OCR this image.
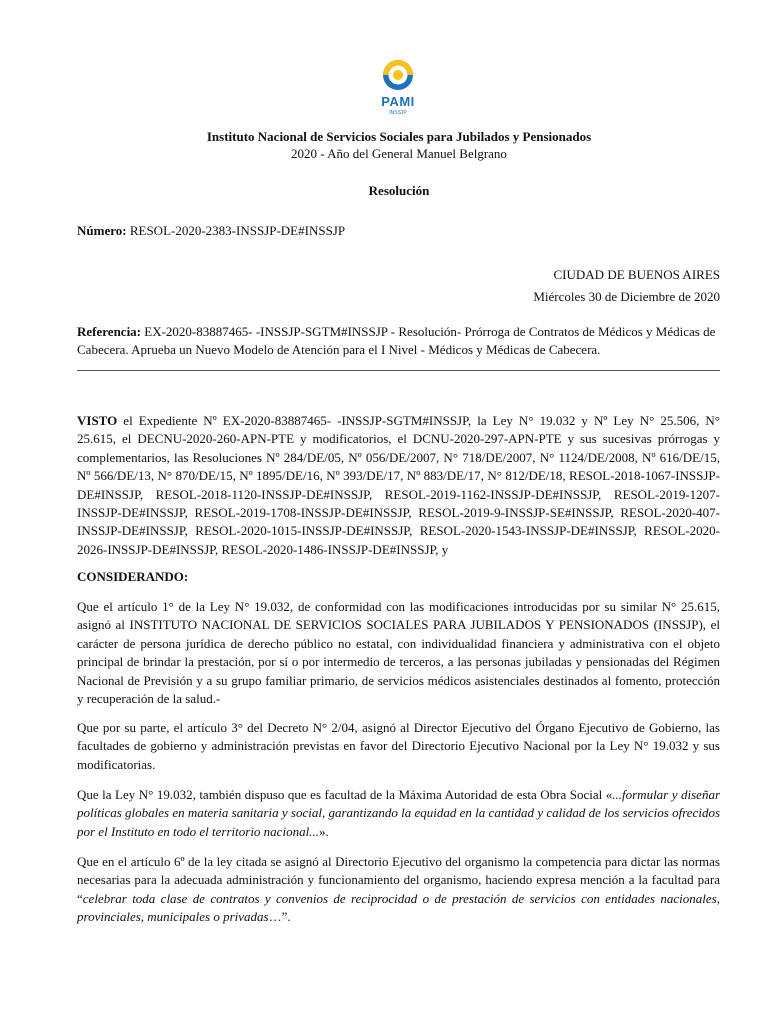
PAMI
INSSJP
Instituto Nacional de Servicios Sociales para Jubilados y Pensionados
2020 - Año del General Manuel Belgrano
Resolución
Número: RESOL-2020-2383-INSSJP-DE#INSSJP
CIUDAD DE BUENOS AIRES
Miércoles 30 de Diciembre de 2020
Referencia: EX-2020-83887465- -INSSJP-SGTM#INSSJP - Resolución- Prórroga de Contratos de Médicos y Médicas de Cabecera. Aprueba un Nuevo Modelo de Atención para el I Nivel - Médicos y Médicas de Cabecera.
VISTO el Expediente Nº EX-2020-83887465- -INSSJP-SGTM#INSSJP, la Ley N° 19.032 y Nº Ley N° 25.506, N° 25.615, el DECNU-2020-260-APN-PTE y modificatorios, el DCNU-2020-297-APN-PTE y sus sucesivas prórrogas y complementarios, las Resoluciones Nº 284/DE/05, Nº 056/DE/2007, N° 718/DE/2007, N° 1124/DE/2008, Nº 616/DE/15, Nº 566/DE/13, N° 870/DE/15, Nº 1895/DE/16, Nº 393/DE/17, Nº 883/DE/17, N° 812/DE/18, RESOL-2018-1067-INSSJP-DE#INSSJP, RESOL-2018-1120-INSSJP-DE#INSSJP, RESOL-2019-1162-INSSJP-DE#INSSJP, RESOL-2019-1207-INSSJP-DE#INSSJP, RESOL-2019-1708-INSSJP-DE#INSSJP, RESOL-2019-9-INSSJP-SE#INSSJP, RESOL-2020-407-INSSJP-DE#INSSJP, RESOL-2020-1015-INSSJP-DE#INSSJP, RESOL-2020-1543-INSSJP-DE#INSSJP, RESOL-2020-2026-INSSJP-DE#INSSJP, RESOL-2020-1486-INSSJP-DE#INSSJP, y
CONSIDERANDO:
Que el artículo 1° de la Ley N° 19.032, de conformidad con las modificaciones introducidas por su similar N° 25.615, asignó al INSTITUTO NACIONAL DE SERVICIOS SOCIALES PARA JUBILADOS Y PENSIONADOS (INSSJP), el carácter de persona jurídica de derecho público no estatal, con individualidad financiera y administrativa con el objeto principal de brindar la prestación, por sí o por intermedio de terceros, a las personas jubiladas y pensionadas del Régimen Nacional de Previsión y a su grupo familiar primario, de servicios médicos asistenciales destinados al fomento, protección y recuperación de la salud.-
Que por su parte, el artículo 3° del Decreto N° 2/04, asignó al Director Ejecutivo del Órgano Ejecutivo de Gobierno, las facultades de gobierno y administración previstas en favor del Directorio Ejecutivo Nacional por la Ley N° 19.032 y sus modificatorias.
Que la Ley N° 19.032, también dispuso que es facultad de la Máxima Autoridad de esta Obra Social «...formular y diseñar políticas globales en materia sanitaria y social, garantizando la equidad en la cantidad y calidad de los servicios ofrecidos por el Instituto en todo el territorio nacional...».
Que en el artículo 6º de la ley citada se asignó al Directorio Ejecutivo del organismo la competencia para dictar las normas necesarias para la adecuada administración y funcionamiento del organismo, haciendo expresa mención a la facultad para “celebrar toda clase de contratos y convenios de reciprocidad o de prestación de servicios con entidades nacionales, provinciales, municipales o privadas…”.
